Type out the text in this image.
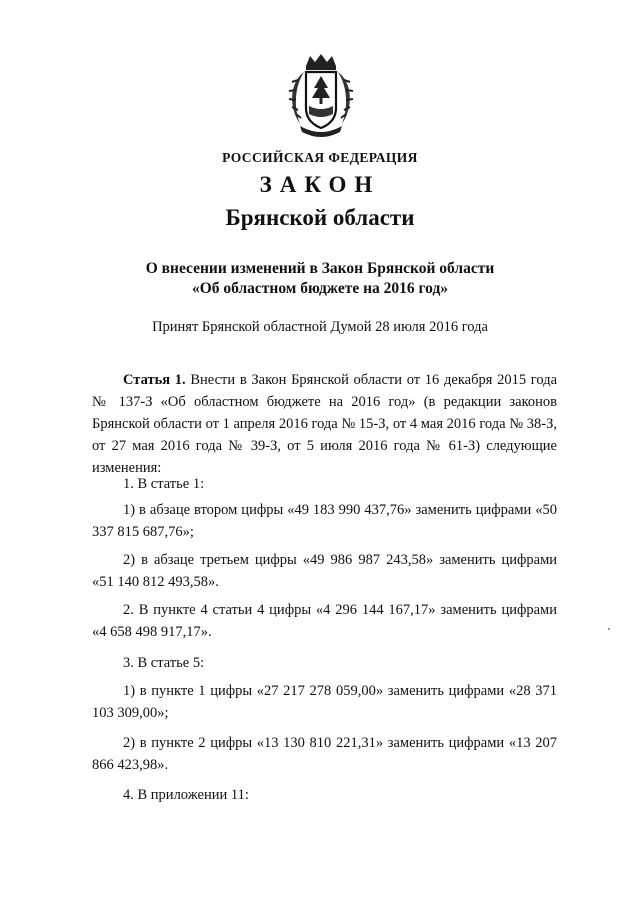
РОССИЙСКАЯ ФЕДЕРАЦИЯ
ЗАКОН
Брянской области
О внесении изменений в Закон Брянской области
«Об областном бюджете на 2016 год»
Принят Брянской областной Думой 28 июля 2016 года

Статья 1. Внести в Закон Брянской области от 16 декабря 2015 года № 137-З «Об областном бюджете на 2016 год» (в редакции законов Брянской области от 1 апреля 2016 года № 15-З, от 4 мая 2016 года № 38-З, от 27 мая 2016 года № 39-З, от 5 июля 2016 года № 61-З) следующие изменения:

1. В статье 1:

1) в абзаце втором цифры «49 183 990 437,76» заменить цифрами «50 337 815 687,76»;

2) в абзаце третьем цифры «49 986 987 243,58» заменить цифрами «51 140 812 493,58».

2. В пункте 4 статьи 4 цифры «4 296 144 167,17» заменить цифрами «4 658 498 917,17».

3. В статье 5:

1) в пункте 1 цифры «27 217 278 059,00» заменить цифрами «28 371 103 309,00»;

2) в пункте 2 цифры «13 130 810 221,31» заменить цифрами «13 207 866 423,98».

4. В приложении 11:
